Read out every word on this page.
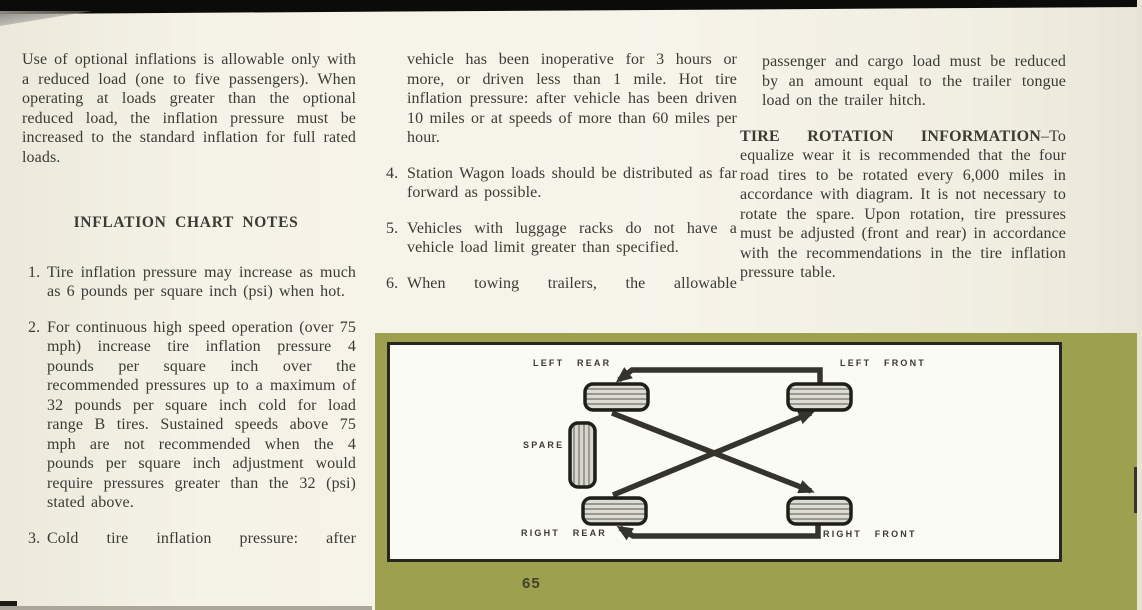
Use of optional inflations is allowable only with a reduced load (one to five passengers). When operating at loads greater than the optional reduced load, the inflation pressure must be increased to the standard inflation for full rated loads.

INFLATION CHART NOTES
1. Tire inflation pressure may increase as much as 6 pounds per square inch (psi) when hot.
2. For continuous high speed operation (over 75 mph) increase tire inflation pressure 4 pounds per square inch over the recommended pressures up to a maximum of 32 pounds per square inch cold for load range B tires. Sustained speeds above 75 mph are not recommended when the 4 pounds per square inch adjustment would require pressures greater than the 32 (psi) stated above.
3. Cold tire inflation pressure: after

vehicle has been inoperative for 3 hours or more, or driven less than 1 mile. Hot tire inflation pressure: after vehicle has been driven 10 miles or at speeds of more than 60 miles per hour.

4. Station Wagon loads should be distributed as far forward as possible.
5. Vehicles with luggage racks do not have a vehicle load limit greater than specified.
6. When towing trailers, the allowable

passenger and cargo load must be reduced by an amount equal to the trailer tongue load on the trailer hitch.

TIRE ROTATION INFORMATION–To equalize wear it is recommended that the four road tires to be rotated every 6,000 miles in accordance with diagram. It is not necessary to rotate the spare. Upon rotation, tire pressures must be adjusted (front and rear) in accordance with the recommendations in the tire inflation pressure table.

LEFT REAR	LEFT FRONT
SPARE
RIGHT REAR	RIGHT FRONT
65
